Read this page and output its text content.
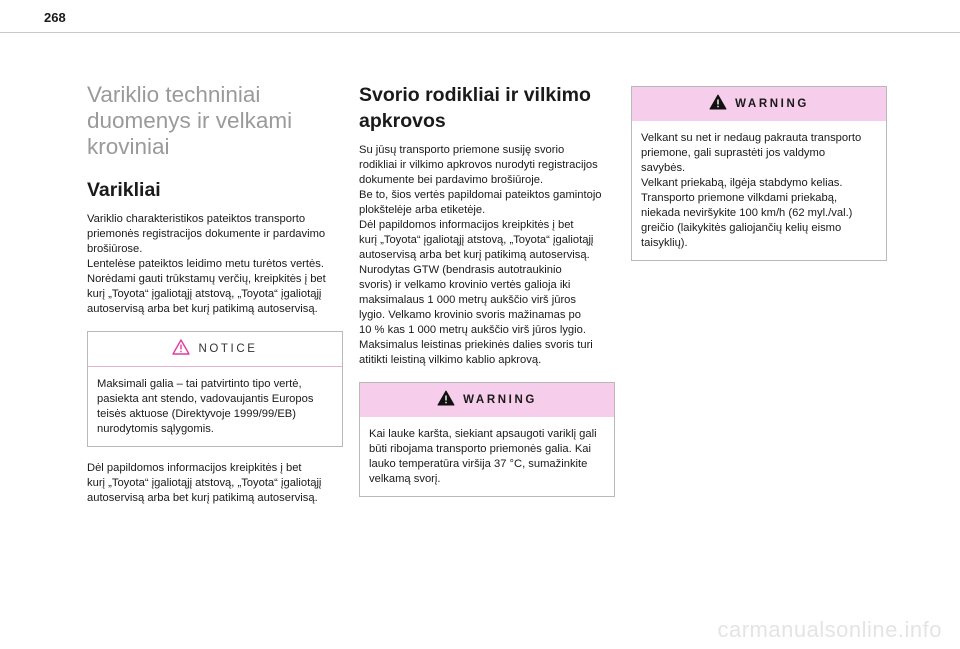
268
Variklio techniniai
duomenys ir velkami
kroviniai
Varikliai

Variklio charakteristikos pateiktos transporto
priemonės registracijos dokumente ir pardavimo
brošiūrose.
Lentelėse pateiktos leidimo metu turėtos vertės.
Norėdami gauti trūkstamų verčių, kreipkitės į bet
kurį „Toyota“ įgaliotąjį atstovą, „Toyota“ įgaliotąjį
autoservisą arba bet kurį patikimą autoservisą.

NOTICE
Maksimali galia – tai patvirtinto tipo vertė,
pasiekta ant stendo, vadovaujantis Europos
teisės aktuose (Direktyvoje 1999/99/EB)
nurodytomis sąlygomis.

Dėl papildomos informacijos kreipkitės į bet
kurį „Toyota“ įgaliotąjį atstovą, „Toyota“ įgaliotąjį
autoservisą arba bet kurį patikimą autoservisą.

Svorio rodikliai ir vilkimo
apkrovos

Su jūsų transporto priemone susiję svorio
rodikliai ir vilkimo apkrovos nurodyti registracijos
dokumente bei pardavimo brošiūroje.
Be to, šios vertės papildomai pateiktos gamintojo
plokštelėje arba etiketėje.
Dėl papildomos informacijos kreipkitės į bet
kurį „Toyota“ įgaliotąjį atstovą, „Toyota“ įgaliotąjį
autoservisą arba bet kurį patikimą autoservisą.
Nurodytas GTW (bendrasis autotraukinio
svoris) ir velkamo krovinio vertės galioja iki
maksimalaus 1 000 metrų aukščio virš jūros
lygio. Velkamo krovinio svoris mažinamas po
10 % kas 1 000 metrų aukščio virš jūros lygio.
Maksimalus leistinas priekinės dalies svoris turi
atitikti leistiną vilkimo kablio apkrovą.

WARNING
Kai lauke karšta, siekiant apsaugoti variklį gali
būti ribojama transporto priemonės galia. Kai
lauko temperatūra viršija 37 °C, sumažinkite
velkamą svorį.
WARNING
Velkant su net ir nedaug pakrauta transporto
priemone, gali suprastėti jos valdymo
savybės.
Velkant priekabą, ilgėja stabdymo kelias.
Transporto priemone vilkdami priekabą,
niekada neviršykite 100 km/h (62 myl./val.)
greičio (laikykitės galiojančių kelių eismo
taisyklių).
carmanualsonline.info
